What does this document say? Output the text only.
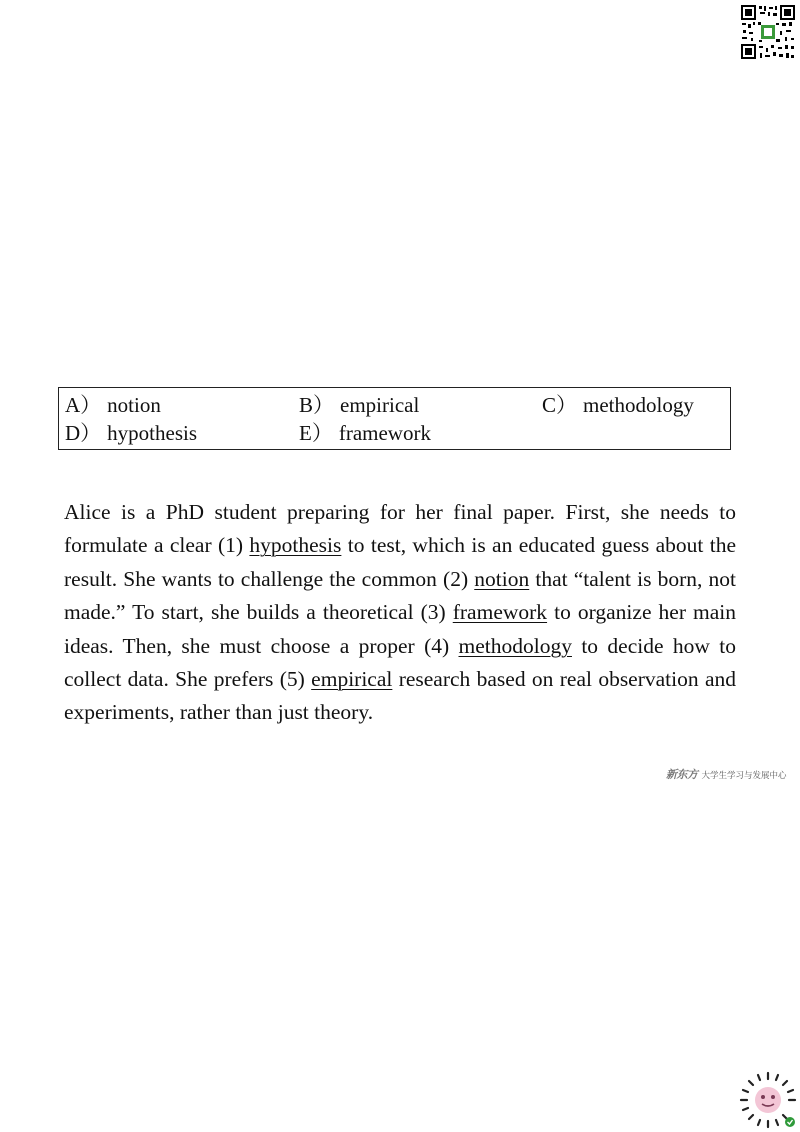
A） notion	B） empirical	C） methodology
D） hypothesis	E） framework

Alice is a PhD student preparing for her final paper. First, she needs to formulate a clear (1) hypothesis to test, which is an educated guess about the result. She wants to challenge the common (2) notion that “talent is born, not made.” To start, she builds a theoretical (3) framework to organize her main ideas. Then, she must choose a proper (4) methodology to decide how to collect data. She prefers (5) empirical research based on real observation and experiments, rather than just theory.

新东方 大学生学习与发展中心
